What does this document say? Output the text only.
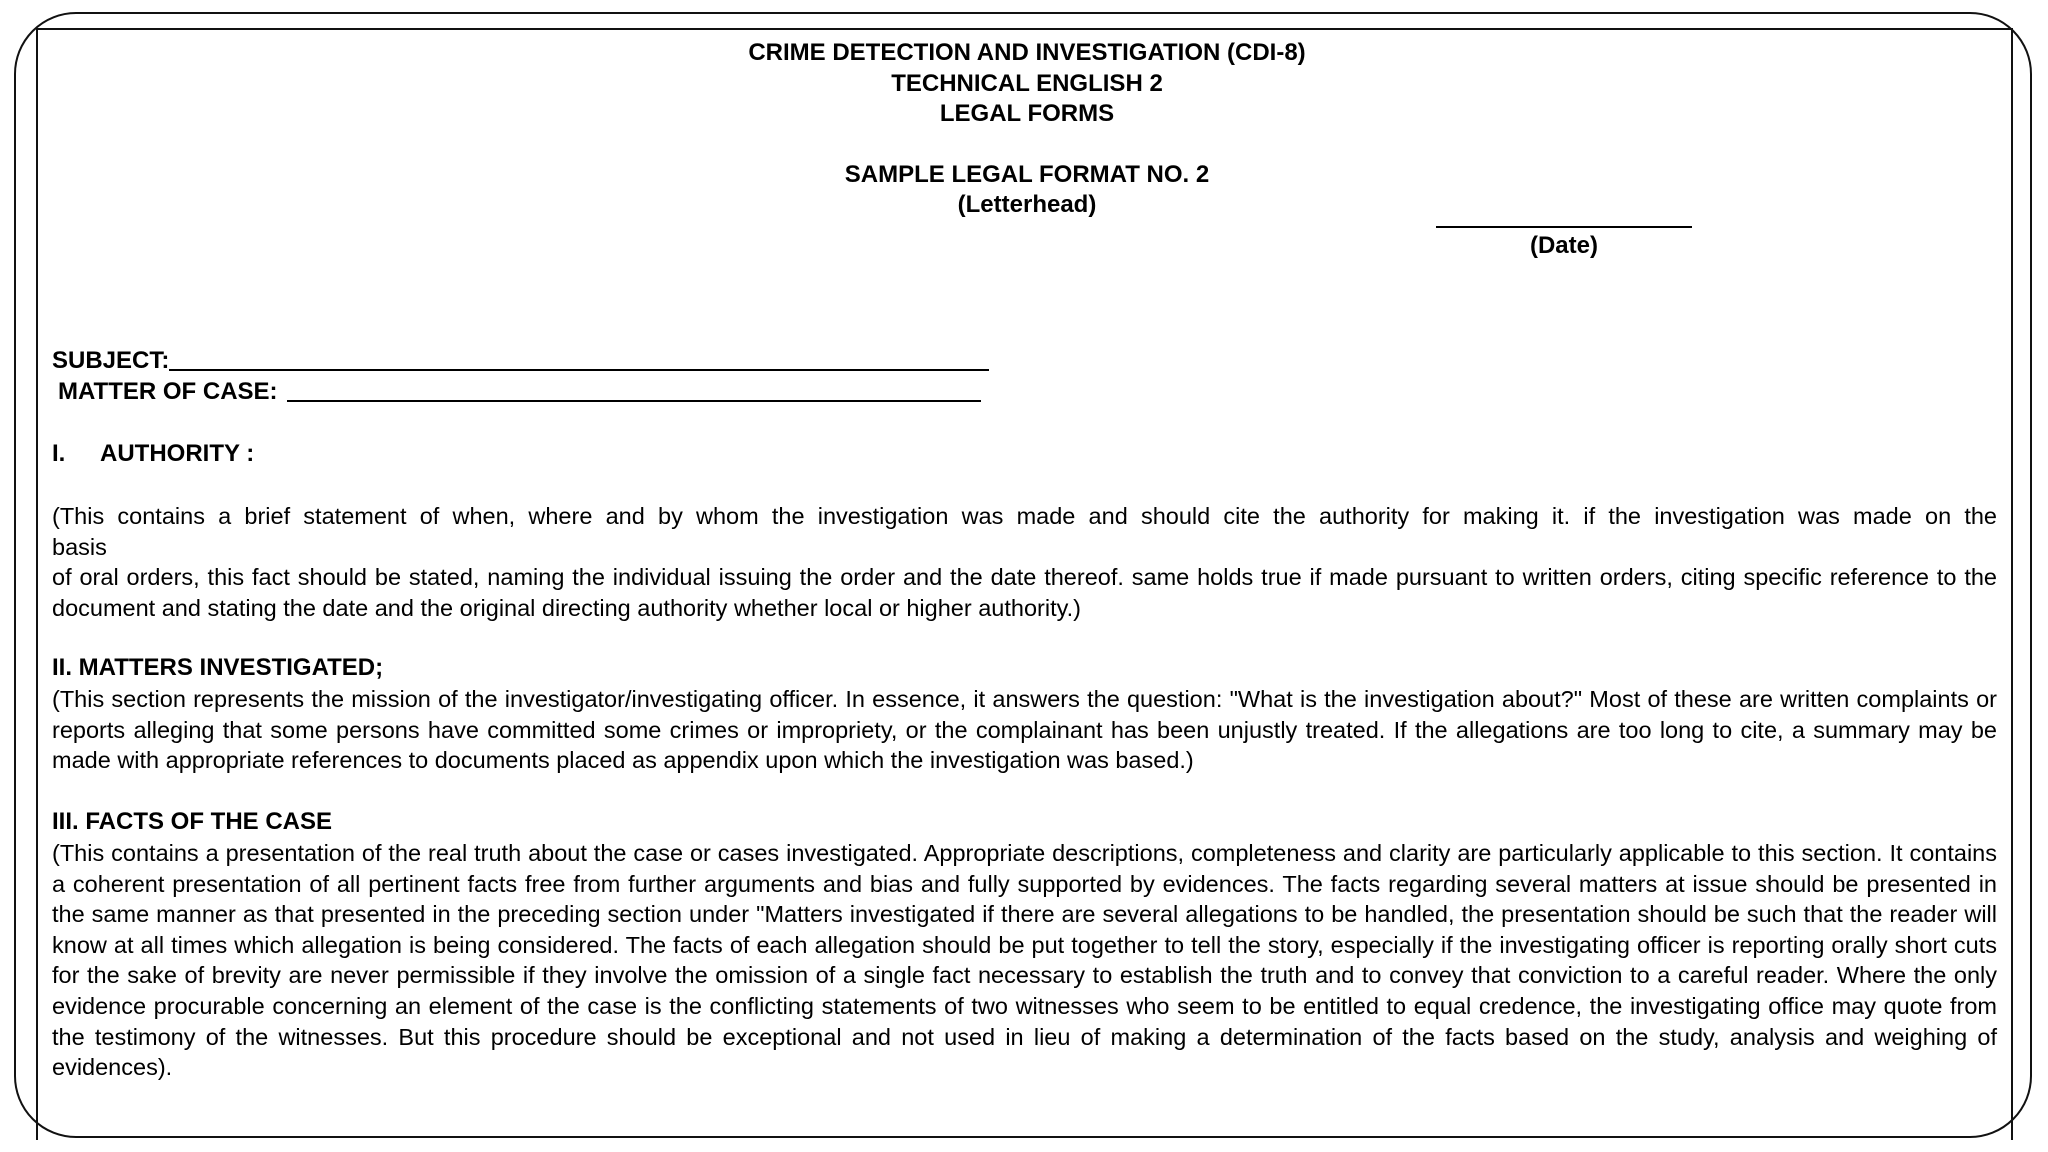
CRIME DETECTION AND INVESTIGATION (CDI-8)
TECHNICAL ENGLISH 2
LEGAL FORMS
SAMPLE LEGAL FORMAT NO. 2
(Letterhead)
(Date)
SUBJECT:
MATTER OF CASE:
I. AUTHORITY :
(This contains a brief statement of when, where and by whom the investigation was made and should cite the authority for making it. if the investigation was made on the
basis
of oral orders, this fact should be stated, naming the individual issuing the order and the date thereof. same holds true if made pursuant to written orders, citing specific reference to the document and stating the date and the original directing authority whether local or higher authority.)
II. MATTERS INVESTIGATED;
(This section represents the mission of the investigator/investigating officer. In essence, it answers the question: "What is the investigation about?" Most of these are written complaints or reports alleging that some persons have committed some crimes or impropriety, or the complainant has been unjustly treated. If the allegations are too long to cite, a summary may be made with appropriate references to documents placed as appendix upon which the investigation was based.)
III. FACTS OF THE CASE
(This contains a presentation of the real truth about the case or cases investigated. Appropriate descriptions, completeness and clarity are particularly applicable to this section. It contains a coherent presentation of all pertinent facts free from further arguments and bias and fully supported by evidences. The facts regarding several matters at issue should be presented in the same manner as that presented in the preceding section under "Matters investigated if there are several allegations to be handled, the presentation should be such that the reader will know at all times which allegation is being considered. The facts of each allegation should be put together to tell the story, especially if the investigating officer is reporting orally short cuts for the sake of brevity are never permissible if they involve the omission of a single fact necessary to establish the truth and to convey that conviction to a careful reader. Where the only evidence procurable concerning an element of the case is the conflicting statements of two witnesses who seem to be entitled to equal credence, the investigating office may quote from the testimony of the witnesses. But this procedure should be exceptional and not used in lieu of making a determination of the facts based on the study, analysis and weighing of evidences).
